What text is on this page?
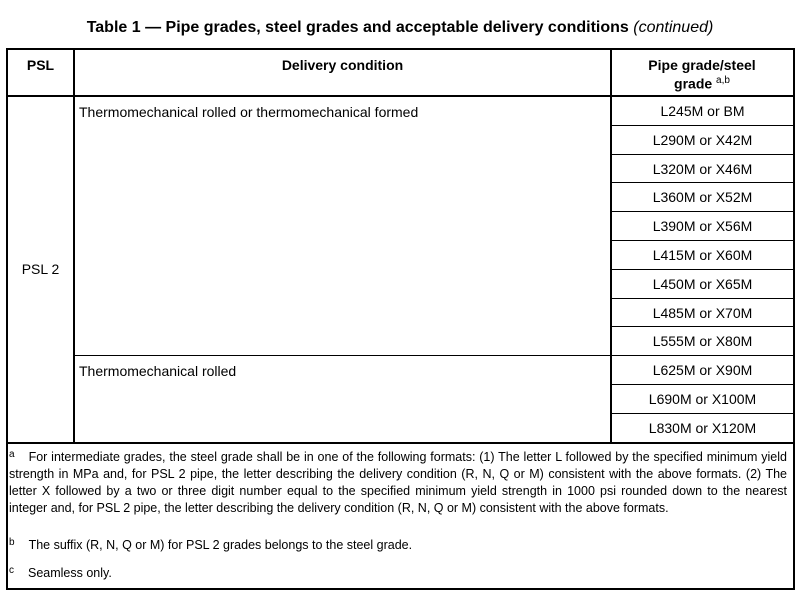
Table 1 — Pipe grades, steel grades and acceptable delivery conditions (continued)
PSL	Delivery condition	Pipe grade/steel grade $^{a,b}$
PSL 2
Thermomechanical rolled or thermomechanical formed
Thermomechanical rolled
L245M or BM
L290M or X42M
L320M or X46M
L360M or X52M
L390M or X56M
L415M or X60M
L450M or X65M
L485M or X70M
L555M or X80M
L625M or X90M
L690M or X100M
L830M or X120M
$^a$ For intermediate grades, the steel grade shall be in one of the following formats: (1) The letter L followed by the specified minimum yield strength in MPa and, for PSL 2 pipe, the letter describing the delivery condition (R, N, Q or M) consistent with the above formats. (2) The letter X followed by a two or three digit number equal to the specified minimum yield strength in 1000 psi rounded down to the nearest integer and, for PSL 2 pipe, the letter describing the delivery condition (R, N, Q or M) consistent with the above formats.
$^b$ The suffix (R, N, Q or M) for PSL 2 grades belongs to the steel grade.
$^c$ Seamless only.
